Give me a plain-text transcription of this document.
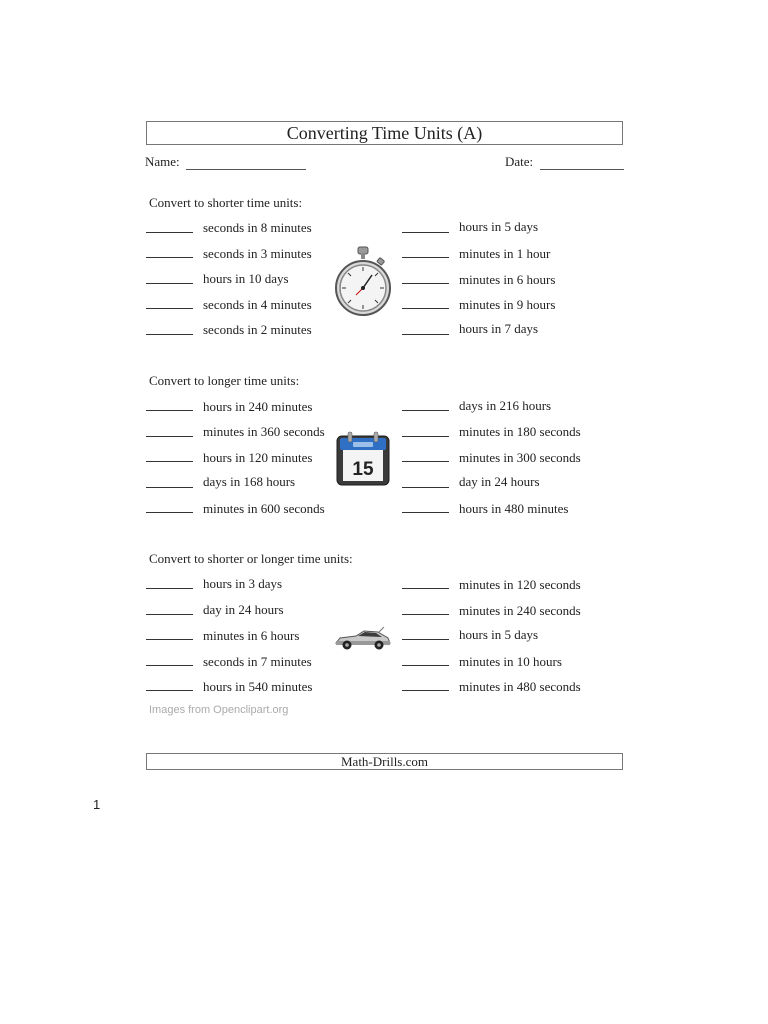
Converting Time Units (A)
Name:	Date:
Convert to shorter time units:
seconds in 8 minutes
seconds in 3 minutes
hours in 10 days
seconds in 4 minutes
seconds in 2 minutes
hours in 5 days
minutes in 1 hour
minutes in 6 hours
minutes in 9 hours
hours in 7 days
Convert to longer time units:
hours in 240 minutes
minutes in 360 seconds
hours in 120 minutes
days in 168 hours
minutes in 600 seconds
days in 216 hours
minutes in 180 seconds
minutes in 300 seconds
day in 24 hours
hours in 480 minutes
15
Convert to shorter or longer time units:
hours in 3 days
day in 24 hours
minutes in 6 hours
seconds in 7 minutes
hours in 540 minutes
minutes in 120 seconds
minutes in 240 seconds
hours in 5 days
minutes in 10 hours
minutes in 480 seconds
Images from Openclipart.org
Math-Drills.com
1
